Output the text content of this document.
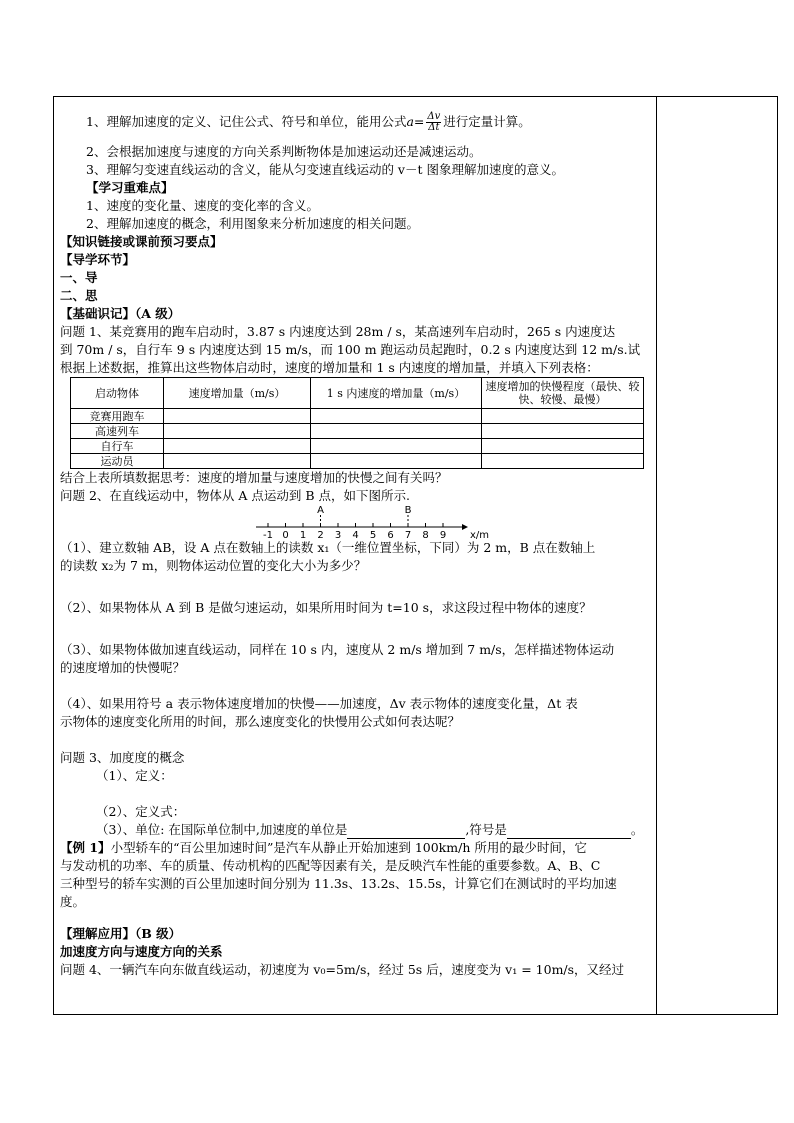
1、理解加速度的定义、记住公式、符号和单位，能用公式$a= \frac{\Delta v}{\Delta t}$ 进行定量计算。
2、会根据加速度与速度的方向关系判断物体是加速运动还是减速运动。
3、理解匀变速直线运动的含义，能从匀变速直线运动的 v－t 图象理解加速度的意义。
【学习重难点】
1、速度的变化量、速度的变化率的含义。
2、理解加速度的概念，利用图象来分析加速度的相关问题。
【知识链接或课前预习要点】
【导学环节】
一、导
二、思
【基础识记】（A 级）
问题 1、某竞赛用的跑车启动时，3.87 s 内速度达到 28m / s，某高速列车启动时，265 s 内速度达
到 70m / s，自行车 9 s 内速度达到 15 m/s，而 100 m 跑运动员起跑时，0.2 s 内速度达到 12 m/s.试
根据上述数据，推算出这些物体启动时，速度的增加量和 1 s 内速度的增加量，并填入下列表格：
启动物体	速度增加量（m/s）	1 s 内速度的增加量（m/s）	速度增加的快慢程度（最快、较快、较慢、最慢）
竞赛用跑车			
高速列车			
自行车			
运动员			
结合上表所填数据思考：速度的增加量与速度增加的快慢之间有关吗？
问题 2、在直线运动中，物体从 A 点运动到 B 点，如下图所示.
-1 0 1 2 3 4 5 6 7 8 9
A	B
x/m
（1）、建立数轴 AB，设 A 点在数轴上的读数 x₁（一维位置坐标，下同）为 2 m，B 点在数轴上
的读数 x₂为 7 m，则物体运动位置的变化大小为多少？
（2）、如果物体从 A 到 B 是做匀速运动，如果所用时间为 t=10 s，求这段过程中物体的速度？
（3）、如果物体做加速直线运动，同样在 10 s 内，速度从 2 m/s 增加到 7 m/s，怎样描述物体运动
的速度增加的快慢呢？
（4）、如果用符号 a 表示物体速度增加的快慢——加速度，Δv 表示物体的速度变化量，Δt 表
示物体的速度变化所用的时间，那么速度变化的快慢用公式如何表达呢？
问题 3、加度度的概念
（1）、定义：
（2）、定义式：
（3）、单位: 在国际单位制中,加速度的单位是	,符号是	。
【例 1】小型轿车的“百公里加速时间”是汽车从静止开始加速到 100km/h 所用的最少时间，它
与发动机的功率、车的质量、传动机构的匹配等因素有关，是反映汽车性能的重要参数。A、B、C
三种型号的轿车实测的百公里加速时间分别为 11.3s、13.2s、15.5s，计算它们在测试时的平均加速
度。
【理解应用】（B 级）
加速度方向与速度方向的关系
问题 4、一辆汽车向东做直线运动，初速度为 v₀=5m/s，经过 5s 后，速度变为 v₁ = 10m/s，又经过
